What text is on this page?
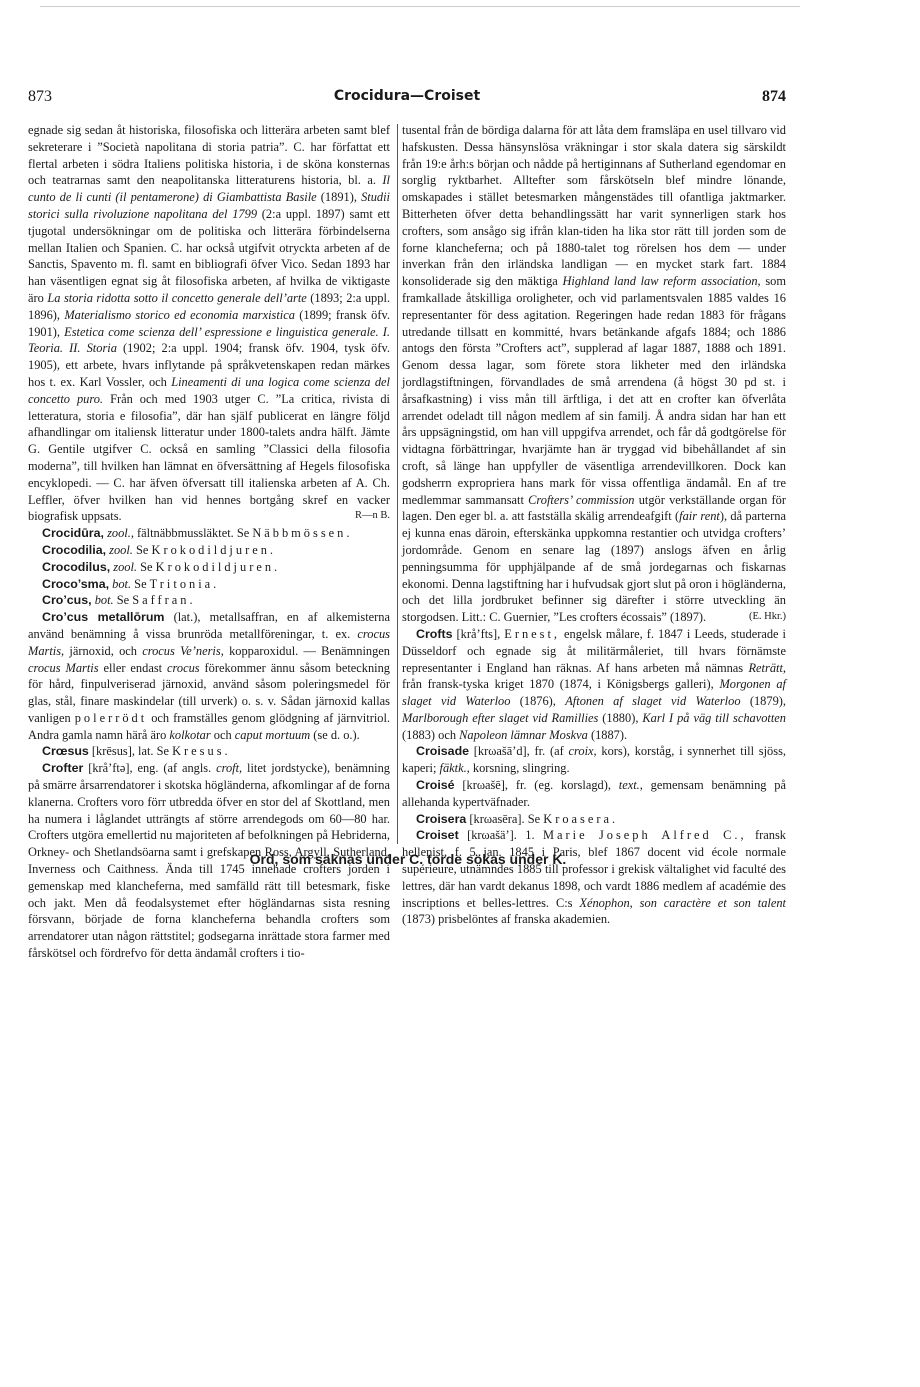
873	Crocidura—Croiset	874

egnade sig sedan åt historiska, filosofiska och litterära arbeten samt blef sekreterare i ”Società napolitana di storia patria”. C. har författat ett flertal arbeten i södra Italiens politiska historia, i de sköna konsternas och teatrarnas samt den neapolitanska litteraturens historia, bl. a. Il cunto de li cunti (il pentamerone) di Giambattista Basile (1891), Studii storici sulla rivoluzione napolitana del 1799 (2:a uppl. 1897) samt ett tjugotal undersökningar om de politiska och litterära förbindelserna mellan Italien och Spanien. C. har också utgifvit otryckta arbeten af de Sanctis, Spavento m. fl. samt en bibliografi öfver Vico. Sedan 1893 har han väsentligen egnat sig åt filosofiska arbeten, af hvilka de viktigaste äro La storia ridotta sotto il concetto generale dell’arte (1893; 2:a uppl. 1896), Materialismo storico ed economia marxistica (1899; fransk öfv. 1901), Estetica come scienza dell’ espressione e linguistica generale. I. Teoria. II. Storia (1902; 2:a uppl. 1904; fransk öfv. 1904, tysk öfv. 1905), ett arbete, hvars inflytande på språkvetenskapen redan märkes hos t. ex. Karl Vossler, och Lineamenti di una logica come scienza del concetto puro. Från och med 1903 utger C. ”La critica, rivista di letteratura, storia e filosofia”, där han själf publicerat en längre följd afhandlingar om italiensk litteratur under 1800-talets andra hälft. Jämte G. Gentile utgifver C. också en samling ”Classici della filosofia moderna”, till hvilken han lämnat en öfversättning af Hegels filosofiska encyklopedi. — C. har äfven öfversatt till italienska arbeten af A. Ch. Leffler, öfver hvilken han vid hennes bortgång skref en vacker biografisk uppsats.	R—n B.

Crocidūra, zool., fältnäbbmussläktet. Se Näbbmössen.

Crocodilia, zool. Se Krokodildjuren.

Crocodilus, zool. Se Krokodildjuren.

Croco’sma, bot. Se Tritonia.

Cro’cus, bot. Se Saffran.

Cro’cus metallōrum (lat.), metallsaffran, en af alkemisterna använd benämning å vissa brunröda metallföreningar, t. ex. crocus Martis, järnoxid, och crocus Ve’neris, kopparoxidul. — Benämningen crocus Martis eller endast crocus förekommer ännu såsom beteckning för hård, finpulveriserad järnoxid, använd såsom poleringsmedel för glas, stål, finare maskindelar (till urverk) o. s. v. Sådan järnoxid kallas vanligen polerrödt och framställes genom glödgning af järnvitriol. Andra gamla namn härå äro kolkotar och caput mortuum (se d. o.).

Crœsus [krēsus], lat. Se Kresus.

Crofter [krå’ftə], eng. (af angls. croft, litet jordstycke), benämning på smärre årsarrendatorer i skotska högländerna, afkomlingar af de forna klanerna. Crofters voro förr utbredda öfver en stor del af Skottland, men ha numera i låglandet utträngts af större arrendegods om 60—80 har. Crofters utgöra emellertid nu majoriteten af befolkningen på Hebriderna, Orkney- och Shetlandsöarna samt i grefskapen Ross, Argyll, Sutherland, Inverness och Caithness. Ända till 1745 innehade crofters jorden i gemenskap med klancheferna, med samfälld rätt till betesmark, fiske och jakt. Men då feodalsystemet efter högländarnas sista resning försvann, började de forna klancheferna behandla crofters som arrendatorer utan någon rättstitel; godsegarna inrättade stora farmer med fårskötsel och fördrefvo för detta ändamål crofters i tio-

tusental från de bördiga dalarna för att låta dem framsläpa en usel tillvaro vid hafskusten. Dessa hänsynslösa vräkningar i stor skala datera sig särskildt från 19:e årh:s början och nådde på hertiginnans af Sutherland egendomar en sorglig ryktbarhet. Alltefter som fårskötseln blef mindre lönande, omskapades i stället betesmarken mångenstädes till ofantliga jaktmarker. Bitterheten öfver detta behandlingssätt har varit synnerligen stark hos crofters, som ansågo sig ifrån klan-tiden ha lika stor rätt till jorden som de forne klancheferna; och på 1880-talet tog rörelsen hos dem — under inverkan från den irländska landligan — en mycket stark fart. 1884 konsoliderade sig den mäktiga Highland land law reform association, som framkallade åtskilliga oroligheter, och vid parlamentsvalen 1885 valdes 16 representanter för dess agitation. Regeringen hade redan 1883 för frågans utredande tillsatt en kommitté, hvars betänkande afgafs 1884; och 1886 antogs den första ”Crofters act”, supplerad af lagar 1887, 1888 och 1891. Genom dessa lagar, som förete stora likheter med den irländska jordlagstiftningen, förvandlades de små arrendena (å högst 30 pd st. i årsafkastning) i viss mån till ärftliga, i det att en crofter kan öfverlåta arrendet odeladt till någon medlem af sin familj. Å andra sidan har han ett års uppsägningstid, om han vill uppgifva arrendet, och får då godtgörelse för vidtagna förbättringar, hvarjämte han är tryggad vid bibehållandet af sin croft, så länge han uppfyller de väsentliga arrendevillkoren. Dock kan godsherrn expropriera hans mark för vissa offentliga ändamål. En af tre medlemmar sammansatt Crofters’ commission utgör verkställande organ för lagen. Den eger bl. a. att fastställa skälig arrendeafgift (fair rent), då parterna ej kunna enas däroin, efterskänka uppkomna restantier och utvidga crofters’ jordområde. Genom en senare lag (1897) anslogs äfven en årlig penningsumma för upphjälpande af de små jordegarnas och fiskarnas ekonomi. Denna lagstiftning har i hufvudsak gjort slut på oron i högländerna, och det lilla jordbruket befinner sig därefter i större utveckling än storgodsen. Litt.: C. Guernier, ”Les crofters écossais” (1897).	(E. Hkr.)

Crofts [krå’fts], Ernest, engelsk målare, f. 1847 i Leeds, studerade i Düsseldorf och egnade sig åt militärmåleriet, till hvars förnämste representanter i England han räknas. Af hans arbeten må nämnas Reträtt, från fransk-tyska kriget 1870 (1874, i Königsbergs galleri), Morgonen af slaget vid Waterloo (1876), Aftonen af slaget vid Waterloo (1879), Marlborough efter slaget vid Ramillies (1880), Karl I på väg till schavotten (1883) och Napoleon lämnar Moskva (1887).

Croisade [krωašā’d], fr. (af croix, kors), korståg, i synnerhet till sjöss, kaperi; fäktk., korsning, slingring.

Croisé [krωašē], fr. (eg. korslagd), text., gemensam benämning på allehanda kypertväfnader.

Croisera [krωasēra]. Se Kroasera.

Croiset [krωašä’]. 1. Marie Joseph Alfred C., fransk hellenist, f. 5 jan. 1845 i Paris, blef 1867 docent vid école normale supérieure, utnämndes 1885 till professor i grekisk vältalighet vid faculté des lettres, där han vardt dekanus 1898, och vardt 1886 medlem af académie des inscriptions et belles-lettres. C:s Xénophon, son caractère et son talent (1873) prisbelöntes af franska akademien.

Ord, som saknas under C. torde sökas under K.
